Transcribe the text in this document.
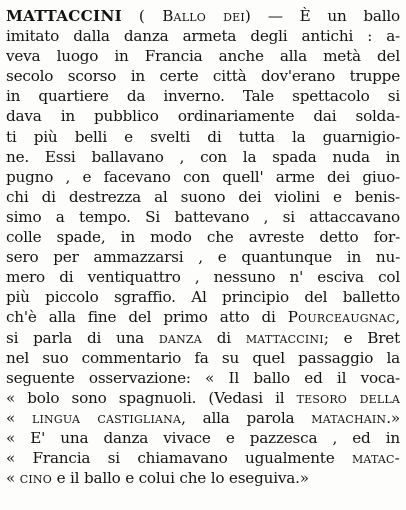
MATTACCINI ( Ballo dei) — È un ballo
imitato dalla danza armeta degli antichi : a-
veva luogo in Francia anche alla metà del
secolo scorso in certe città dov'erano truppe
in quartiere da inverno. Tale spettacolo si
dava in pubblico ordinariamente dai solda-
ti più belli e svelti di tutta la guarnigio-
ne. Essi ballavano , con la spada nuda in
pugno , e facevano con quell' arme dei giuo-
chi di destrezza al suono dei violini e benis-
simo a tempo. Si battevano , si attaccavano
colle spade, in modo che avreste detto for-
sero per ammazzarsi , e quantunque in nu-
mero di ventiquattro , nessuno n' esciva col
più piccolo sgraffio. Al principio del balletto
ch'è alla fine del primo atto di Pourceaugnac,
si parla di una danza di mattaccini; e Bret
nel suo commentario fa su quel passaggio la
seguente osservazione: « Il ballo ed il voca-
« bolo sono spagnuoli. (Vedasi il tesoro della
« lingua castigliana, alla parola matachain.»
« E' una danza vivace e pazzesca , ed in
« Francia si chiamavano ugualmente matac-
« cino e il ballo e colui che lo eseguiva.»
